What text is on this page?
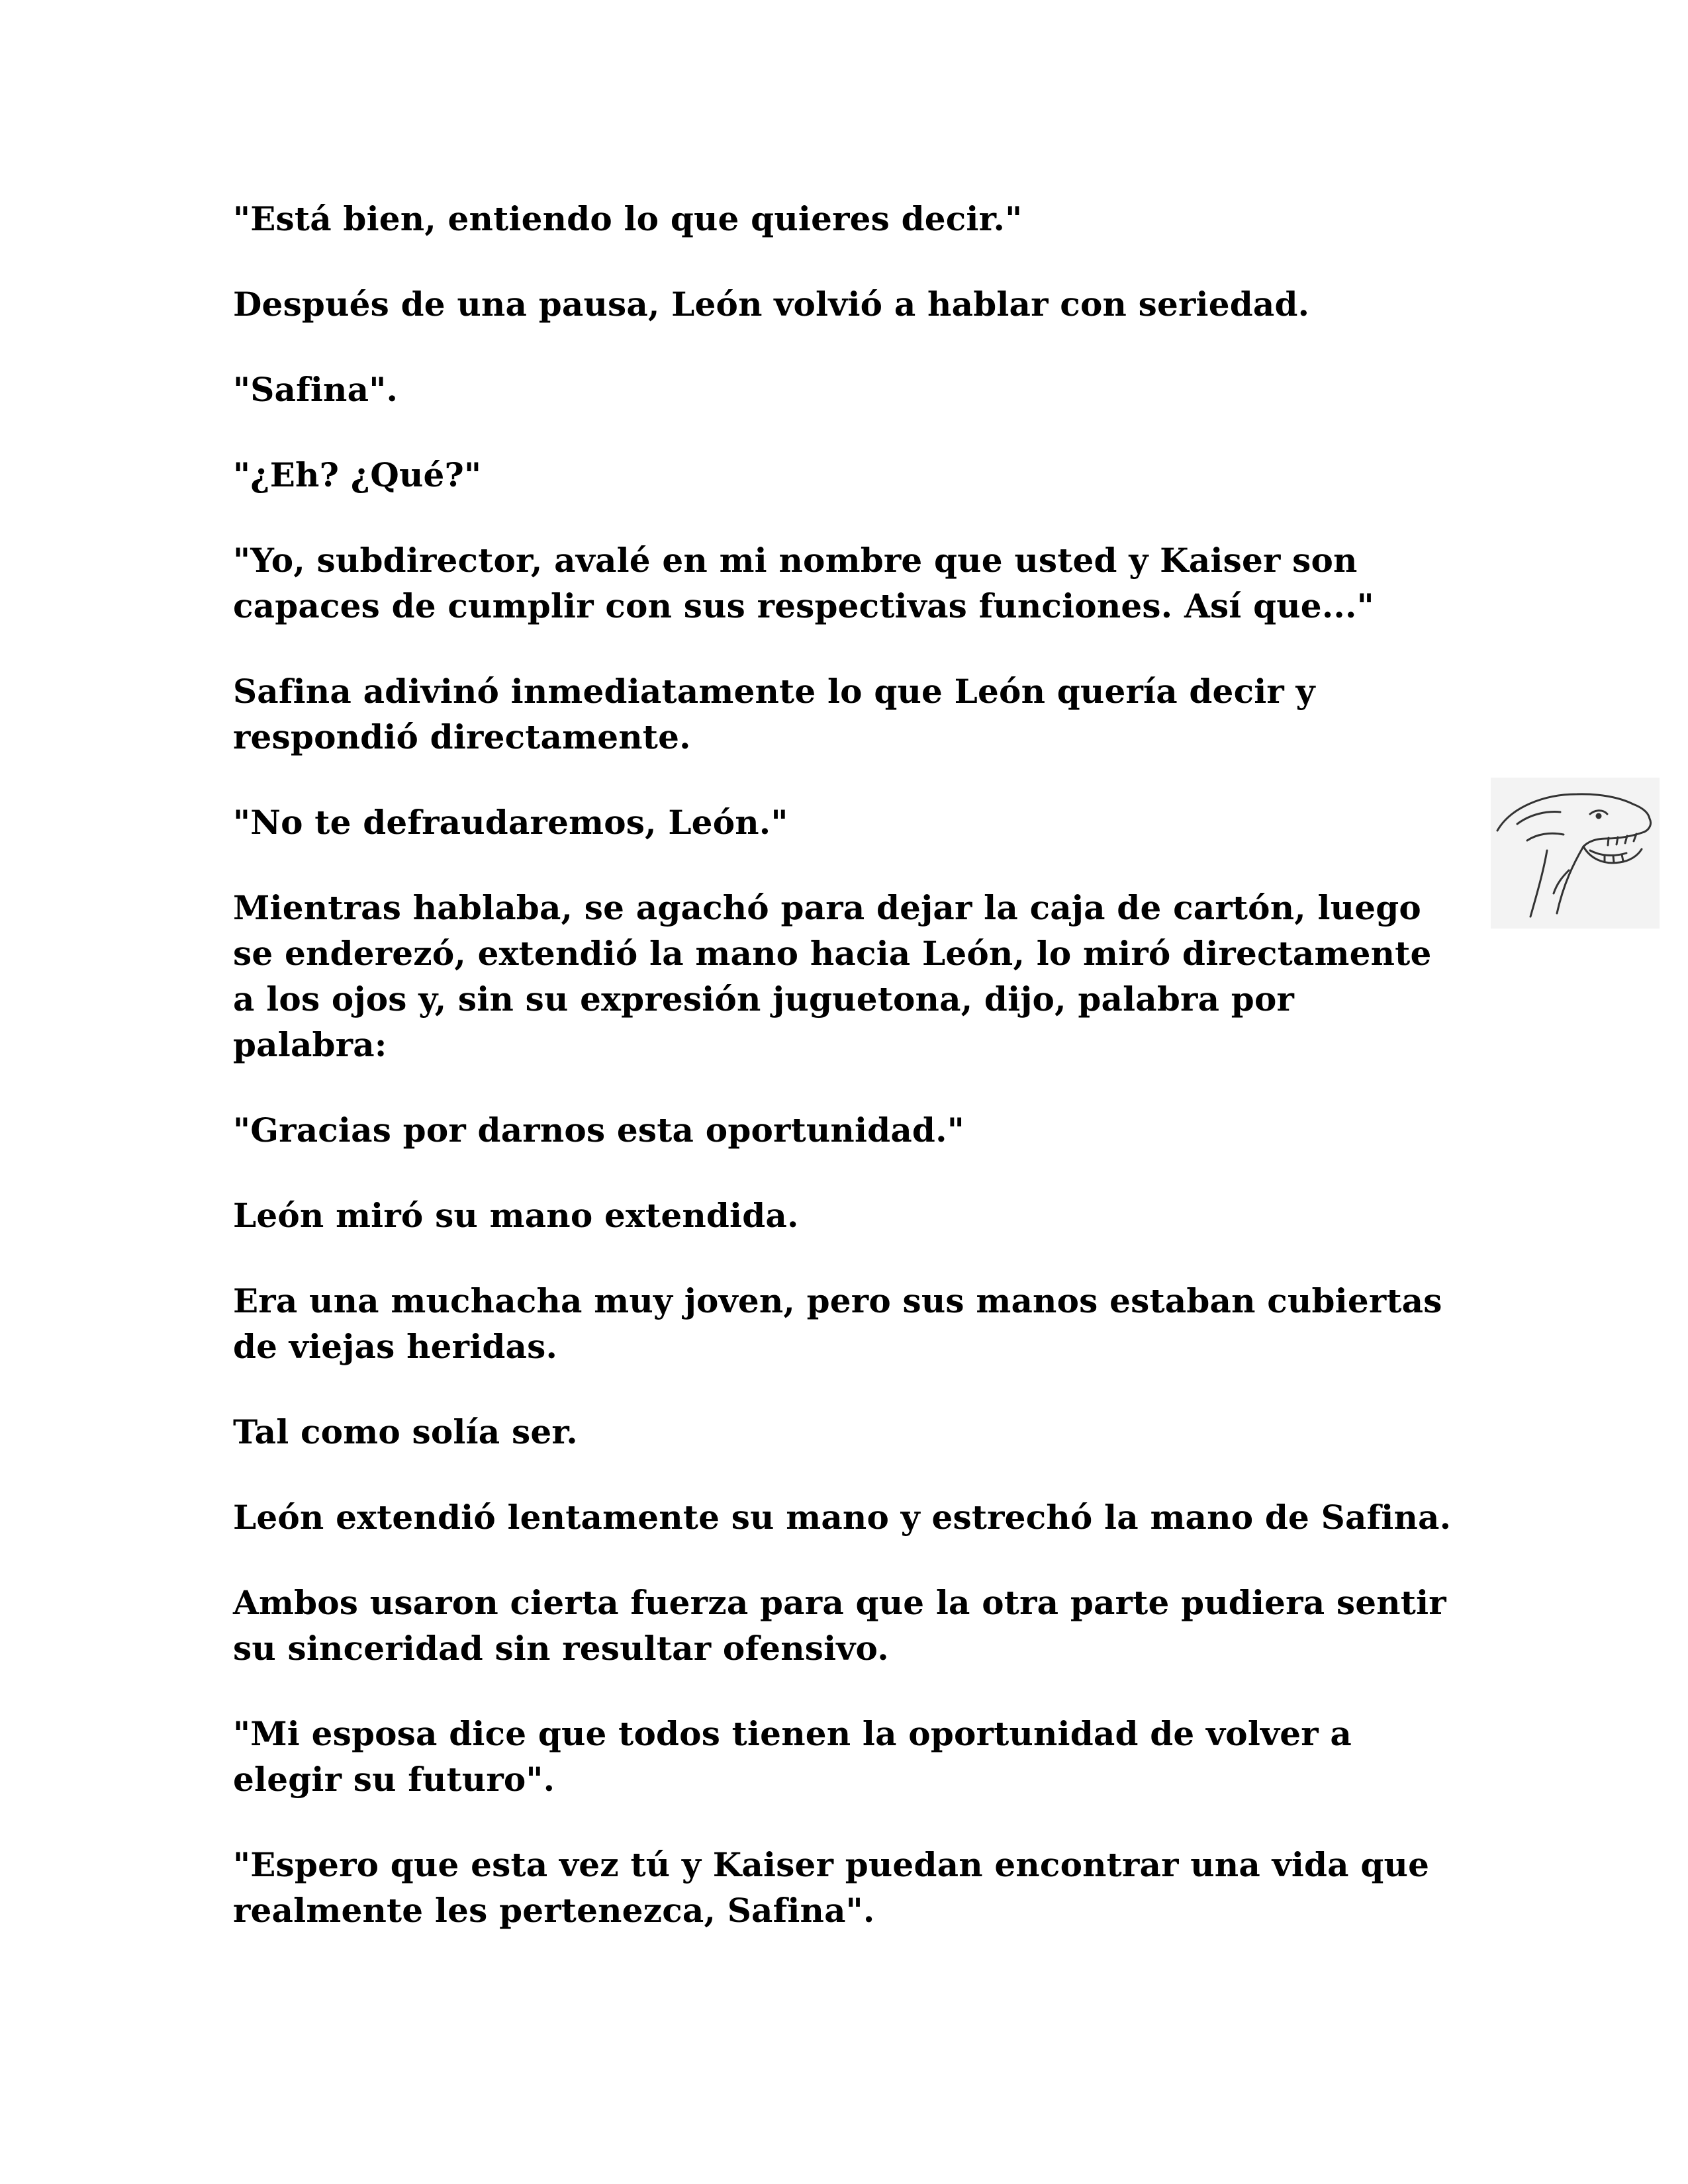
"Está bien, entiendo lo que quieres decir."

Después de una pausa, León volvió a hablar con seriedad.

"Safina".

"¿Eh? ¿Qué?"

"Yo, subdirector, avalé en mi nombre que usted y Kaiser son capaces de cumplir con sus respectivas funciones. Así que..."

Safina adivinó inmediatamente lo que León quería decir y respondió directamente.

"No te defraudaremos, León."

Mientras hablaba, se agachó para dejar la caja de cartón, luego se enderezó, extendió la mano hacia León, lo miró directamente a los ojos y, sin su expresión juguetona, dijo, palabra por palabra:

"Gracias por darnos esta oportunidad."

León miró su mano extendida.

Era una muchacha muy joven, pero sus manos estaban cubiertas de viejas heridas.

Tal como solía ser.

León extendió lentamente su mano y estrechó la mano de Safina.

Ambos usaron cierta fuerza para que la otra parte pudiera sentir su sinceridad sin resultar ofensivo.

"Mi esposa dice que todos tienen la oportunidad de volver a elegir su futuro".

"Espero que esta vez tú y Kaiser puedan encontrar una vida que realmente les pertenezca, Safina".
